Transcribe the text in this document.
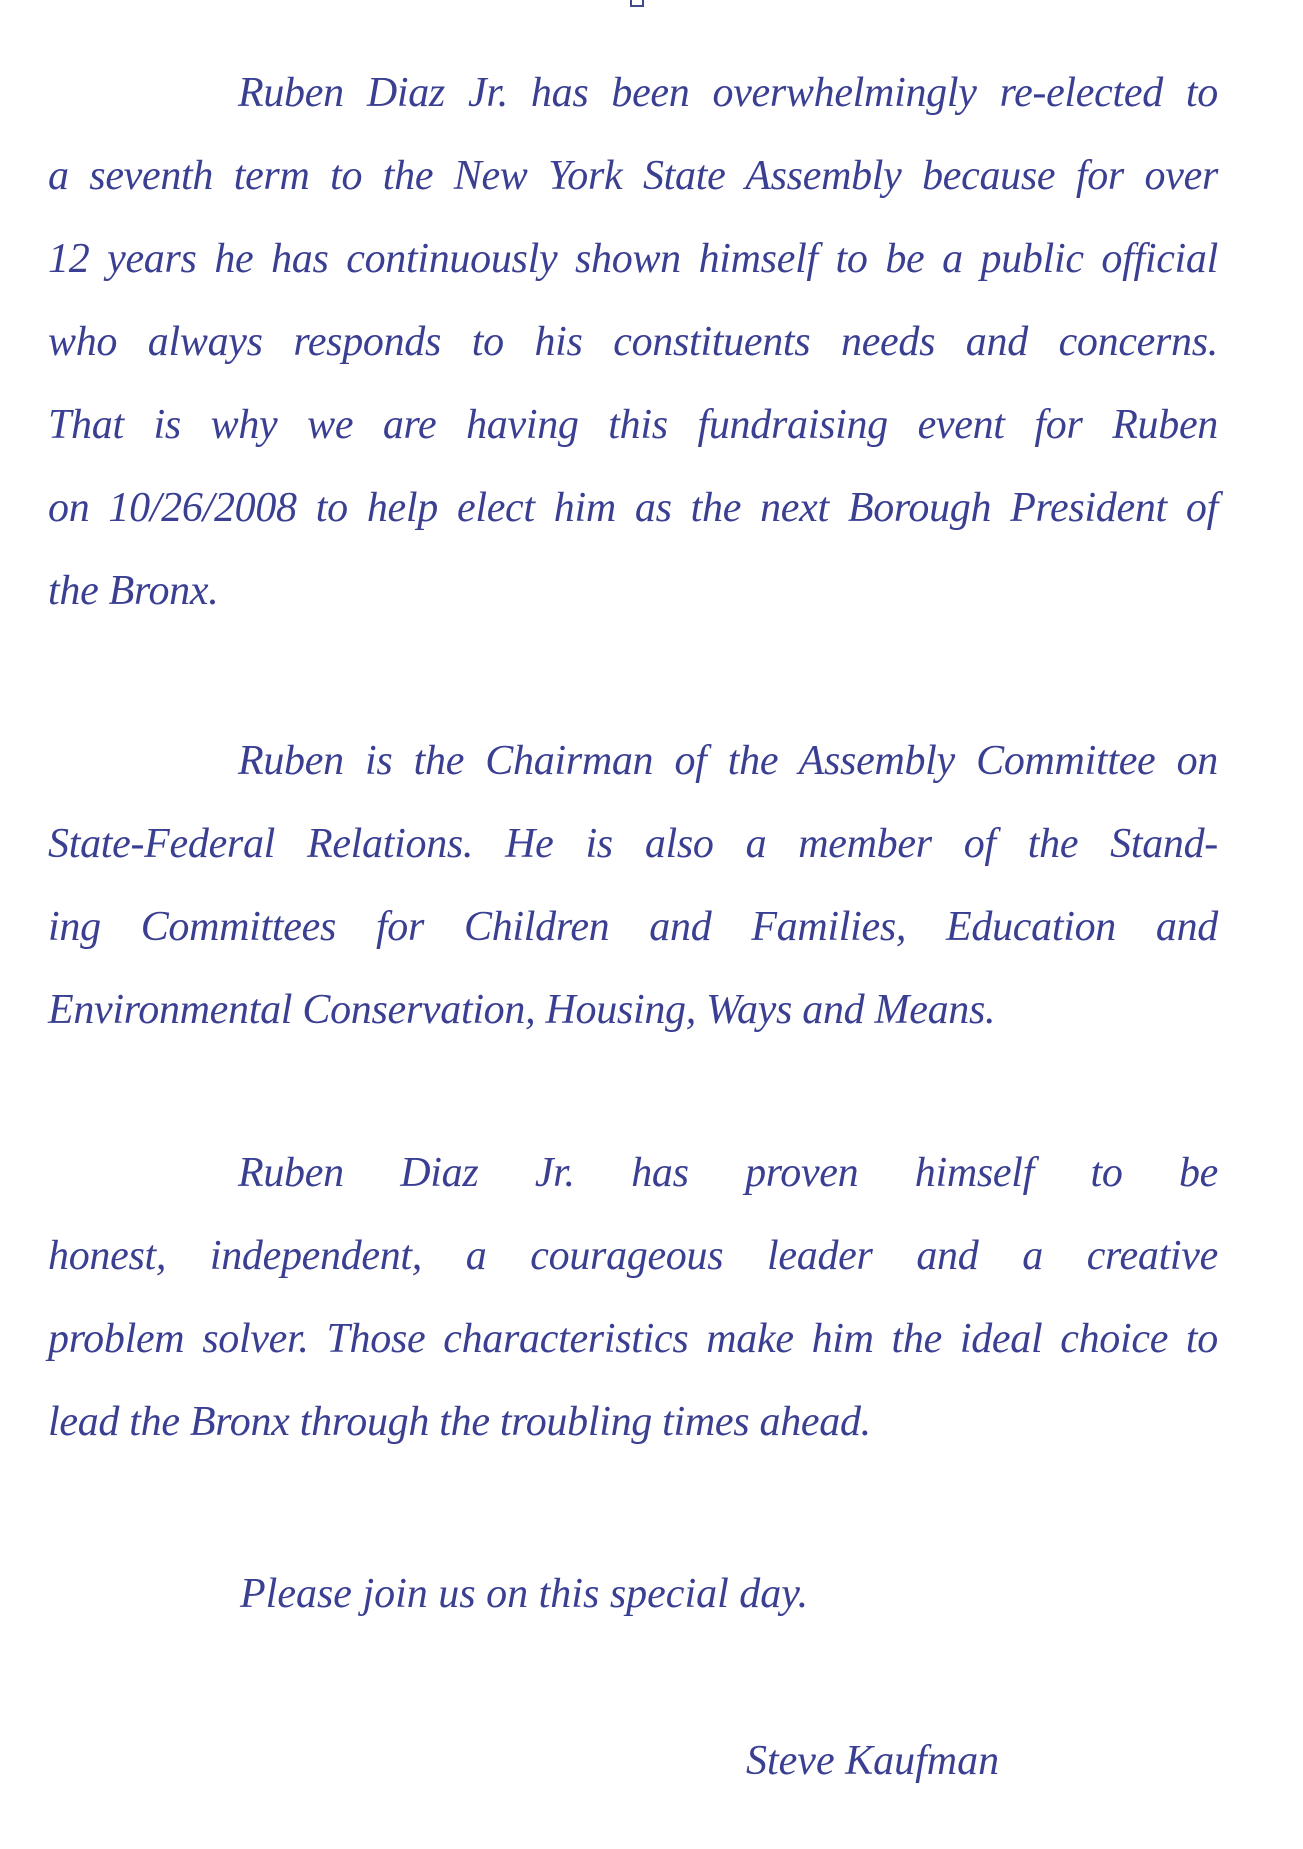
Ruben Diaz Jr. has been overwhelmingly re-elected to
a seventh term to the New York State Assembly because for over
12 years he has continuously shown himself to be a public official
who always responds to his constituents needs and concerns.
That is why we are having this fundraising event for Ruben
on 10/26/2008 to help elect him as the next Borough President of
the Bronx.
Ruben is the Chairman of the Assembly Committee on
State-Federal Relations. He is also a member of the Stand-
ing Committees for Children and Families, Education and
Environmental Conservation, Housing, Ways and Means.
Ruben Diaz Jr. has proven himself to be
honest, independent, a courageous leader and a creative
problem solver. Those characteristics make him the ideal choice to
lead the Bronx through the troubling times ahead.
Please join us on this special day.
Steve Kaufman
